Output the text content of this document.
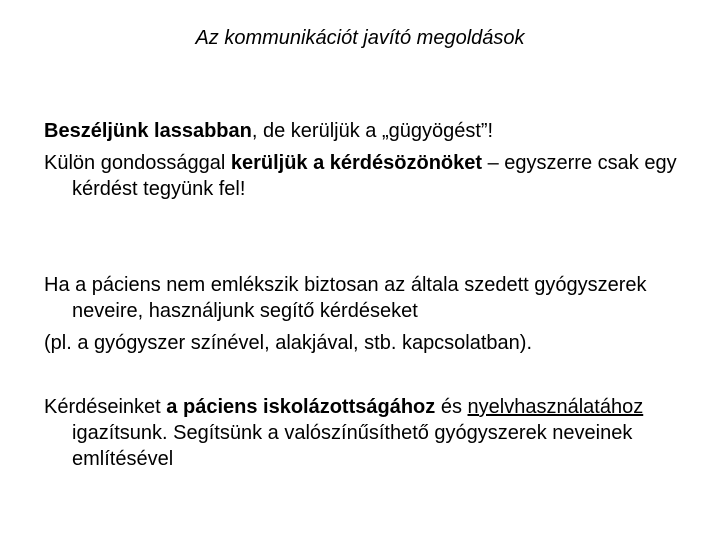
Az kommunikációt javító megoldások
Beszéljünk lassabban, de kerüljük a „gügyögést”!
Külön gondossággal kerüljük a kérdésözönöket – egyszerre csak egy kérdést tegyünk fel!
Ha a páciens nem emlékszik biztosan az általa szedett gyógyszerek neveire, használjunk segítő kérdéseket
(pl. a gyógyszer színével, alakjával, stb. kapcsolatban).
Kérdéseinket a páciens iskolázottságához és nyelvhasználatához igazítsunk. Segítsünk a valószínűsíthető gyógyszerek neveinek említésével
